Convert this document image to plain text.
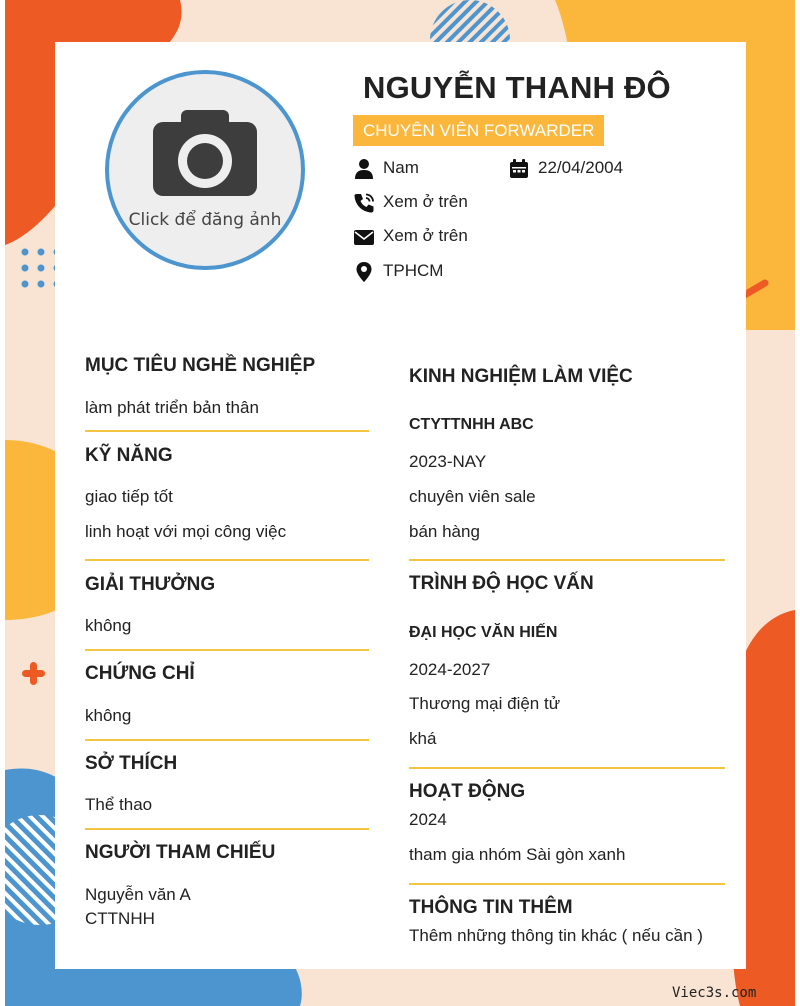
Click để đăng ảnh
NGUYỄN THANH ĐÔ
CHUYÊN VIÊN FORWARDER
Nam	22/04/2004
Xem ở trên
Xem ở trên
TPHCM
MỤC TIÊU NGHỀ NGHIỆP
làm phát triển bản thân
KỸ NĂNG
giao tiếp tốt
linh hoạt với mọi công việc
GIẢI THƯỞNG
không
CHỨNG CHỈ
không
SỞ THÍCH
Thể thao
NGƯỜI THAM CHIẾU
Nguyễn văn A
CTTNHH
KINH NGHIỆM LÀM VIỆC
CTYTTNHH ABC
2023-NAY
chuyên viên sale
bán hàng
TRÌNH ĐỘ HỌC VẤN
ĐẠI HỌC VĂN HIẾN
2024-2027
Thương mại điện tử
khá
HOẠT ĐỘNG
2024
tham gia nhóm Sài gòn xanh
THÔNG TIN THÊM
Thêm những thông tin khác ( nếu cần )
Viec3s.com
